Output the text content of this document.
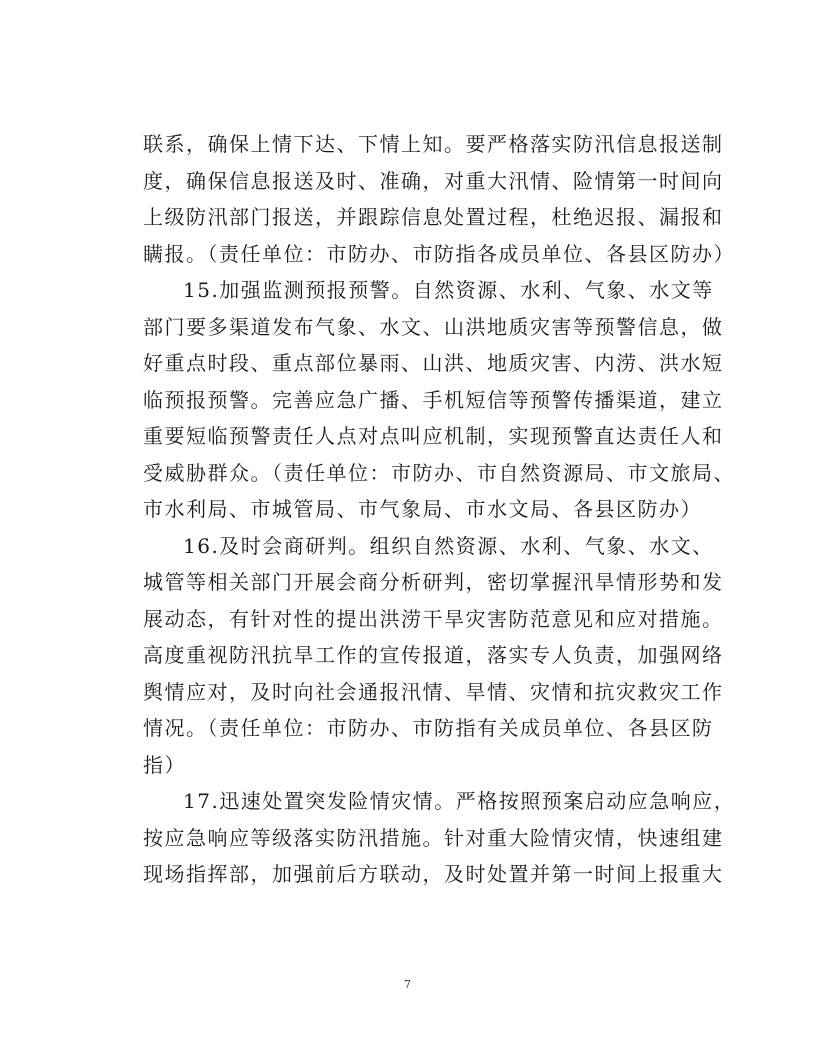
联系，确保上情下达、下情上知。要严格落实防汛信息报送制
度，确保信息报送及时、准确，对重大汛情、险情第一时间向
上级防汛部门报送，并跟踪信息处置过程，杜绝迟报、漏报和
瞒报。（责任单位：市防办、市防指各成员单位、各县区防办）
15.加强监测预报预警。自然资源、水利、气象、水文等
部门要多渠道发布气象、水文、山洪地质灾害等预警信息，做
好重点时段、重点部位暴雨、山洪、地质灾害、内涝、洪水短
临预报预警。完善应急广播、手机短信等预警传播渠道，建立
重要短临预警责任人点对点叫应机制，实现预警直达责任人和
受威胁群众。（责任单位：市防办、市自然资源局、市文旅局、
市水利局、市城管局、市气象局、市水文局、各县区防办）
16.及时会商研判。组织自然资源、水利、气象、水文、
城管等相关部门开展会商分析研判，密切掌握汛旱情形势和发
展动态，有针对性的提出洪涝干旱灾害防范意见和应对措施。
高度重视防汛抗旱工作的宣传报道，落实专人负责，加强网络
舆情应对，及时向社会通报汛情、旱情、灾情和抗灾救灾工作
情况。（责任单位：市防办、市防指有关成员单位、各县区防
指）
17.迅速处置突发险情灾情。严格按照预案启动应急响应，
按应急响应等级落实防汛措施。针对重大险情灾情，快速组建
现场指挥部，加强前后方联动，及时处置并第一时间上报重大
7
